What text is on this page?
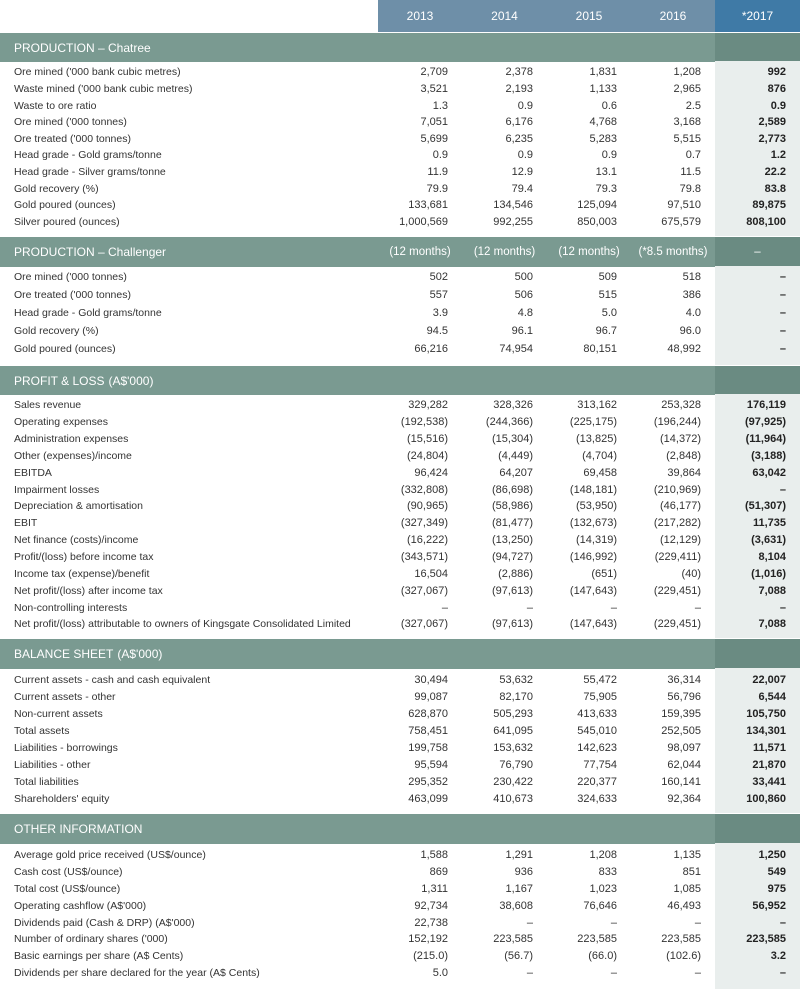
2013	2014	2015	2016	*2017
PRODUCTION – Chatree
Ore mined ('000 bank cubic metres)	2,709	2,378	1,831	1,208	992
Waste mined ('000 bank cubic metres)	3,521	2,193	1,133	2,965	876
Waste to ore ratio	1.3	0.9	0.6	2.5	0.9
Ore mined ('000 tonnes)	7,051	6,176	4,768	3,168	2,589
Ore treated ('000 tonnes)	5,699	6,235	5,283	5,515	2,773
Head grade - Gold grams/tonne	0.9	0.9	0.9	0.7	1.2
Head grade - Silver grams/tonne	11.9	12.9	13.1	11.5	22.2
Gold recovery (%)	79.9	79.4	79.3	79.8	83.8
Gold poured (ounces)	133,681	134,546	125,094	97,510	89,875
Silver poured (ounces)	1,000,569	992,255	850,003	675,579	808,100
PRODUCTION – Challenger	(12 months)	(12 months)	(12 months)	(*8.5 months)	–
Ore mined ('000 tonnes)	502	500	509	518	–
Ore treated ('000 tonnes)	557	506	515	386	–
Head grade - Gold grams/tonne	3.9	4.8	5.0	4.0	–
Gold recovery (%)	94.5	96.1	96.7	96.0	–
Gold poured (ounces)	66,216	74,954	80,151	48,992	–
PROFIT & LOSS (A$'000)
Sales revenue	329,282	328,326	313,162	253,328	176,119
Operating expenses	(192,538)	(244,366)	(225,175)	(196,244)	(97,925)
Administration expenses	(15,516)	(15,304)	(13,825)	(14,372)	(11,964)
Other (expenses)/income	(24,804)	(4,449)	(4,704)	(2,848)	(3,188)
EBITDA	96,424	64,207	69,458	39,864	63,042
Impairment losses	(332,808)	(86,698)	(148,181)	(210,969)	–
Depreciation & amortisation	(90,965)	(58,986)	(53,950)	(46,177)	(51,307)
EBIT	(327,349)	(81,477)	(132,673)	(217,282)	11,735
Net finance (costs)/income	(16,222)	(13,250)	(14,319)	(12,129)	(3,631)
Profit/(loss) before income tax	(343,571)	(94,727)	(146,992)	(229,411)	8,104
Income tax (expense)/benefit	16,504	(2,886)	(651)	(40)	(1,016)
Net profit/(loss) after income tax	(327,067)	(97,613)	(147,643)	(229,451)	7,088
Non-controlling interests	–	–	–	–	–
Net profit/(loss) attributable to owners of Kingsgate Consolidated Limited	(327,067)	(97,613)	(147,643)	(229,451)	7,088
BALANCE SHEET (A$'000)
Current assets - cash and cash equivalent	30,494	53,632	55,472	36,314	22,007
Current assets - other	99,087	82,170	75,905	56,796	6,544
Non-current assets	628,870	505,293	413,633	159,395	105,750
Total assets	758,451	641,095	545,010	252,505	134,301
Liabilities - borrowings	199,758	153,632	142,623	98,097	11,571
Liabilities - other	95,594	76,790	77,754	62,044	21,870
Total liabilities	295,352	230,422	220,377	160,141	33,441
Shareholders' equity	463,099	410,673	324,633	92,364	100,860
OTHER INFORMATION
Average gold price received (US$/ounce)	1,588	1,291	1,208	1,135	1,250
Cash cost (US$/ounce)	869	936	833	851	549
Total cost (US$/ounce)	1,311	1,167	1,023	1,085	975
Operating cashflow (A$'000)	92,734	38,608	76,646	46,493	56,952
Dividends paid (Cash & DRP) (A$'000)	22,738	–	–	–	–
Number of ordinary shares ('000)	152,192	223,585	223,585	223,585	223,585
Basic earnings per share (A$ Cents)	(215.0)	(56.7)	(66.0)	(102.6)	3.2
Dividends per share declared for the year (A$ Cents)	5.0	–	–	–	–
